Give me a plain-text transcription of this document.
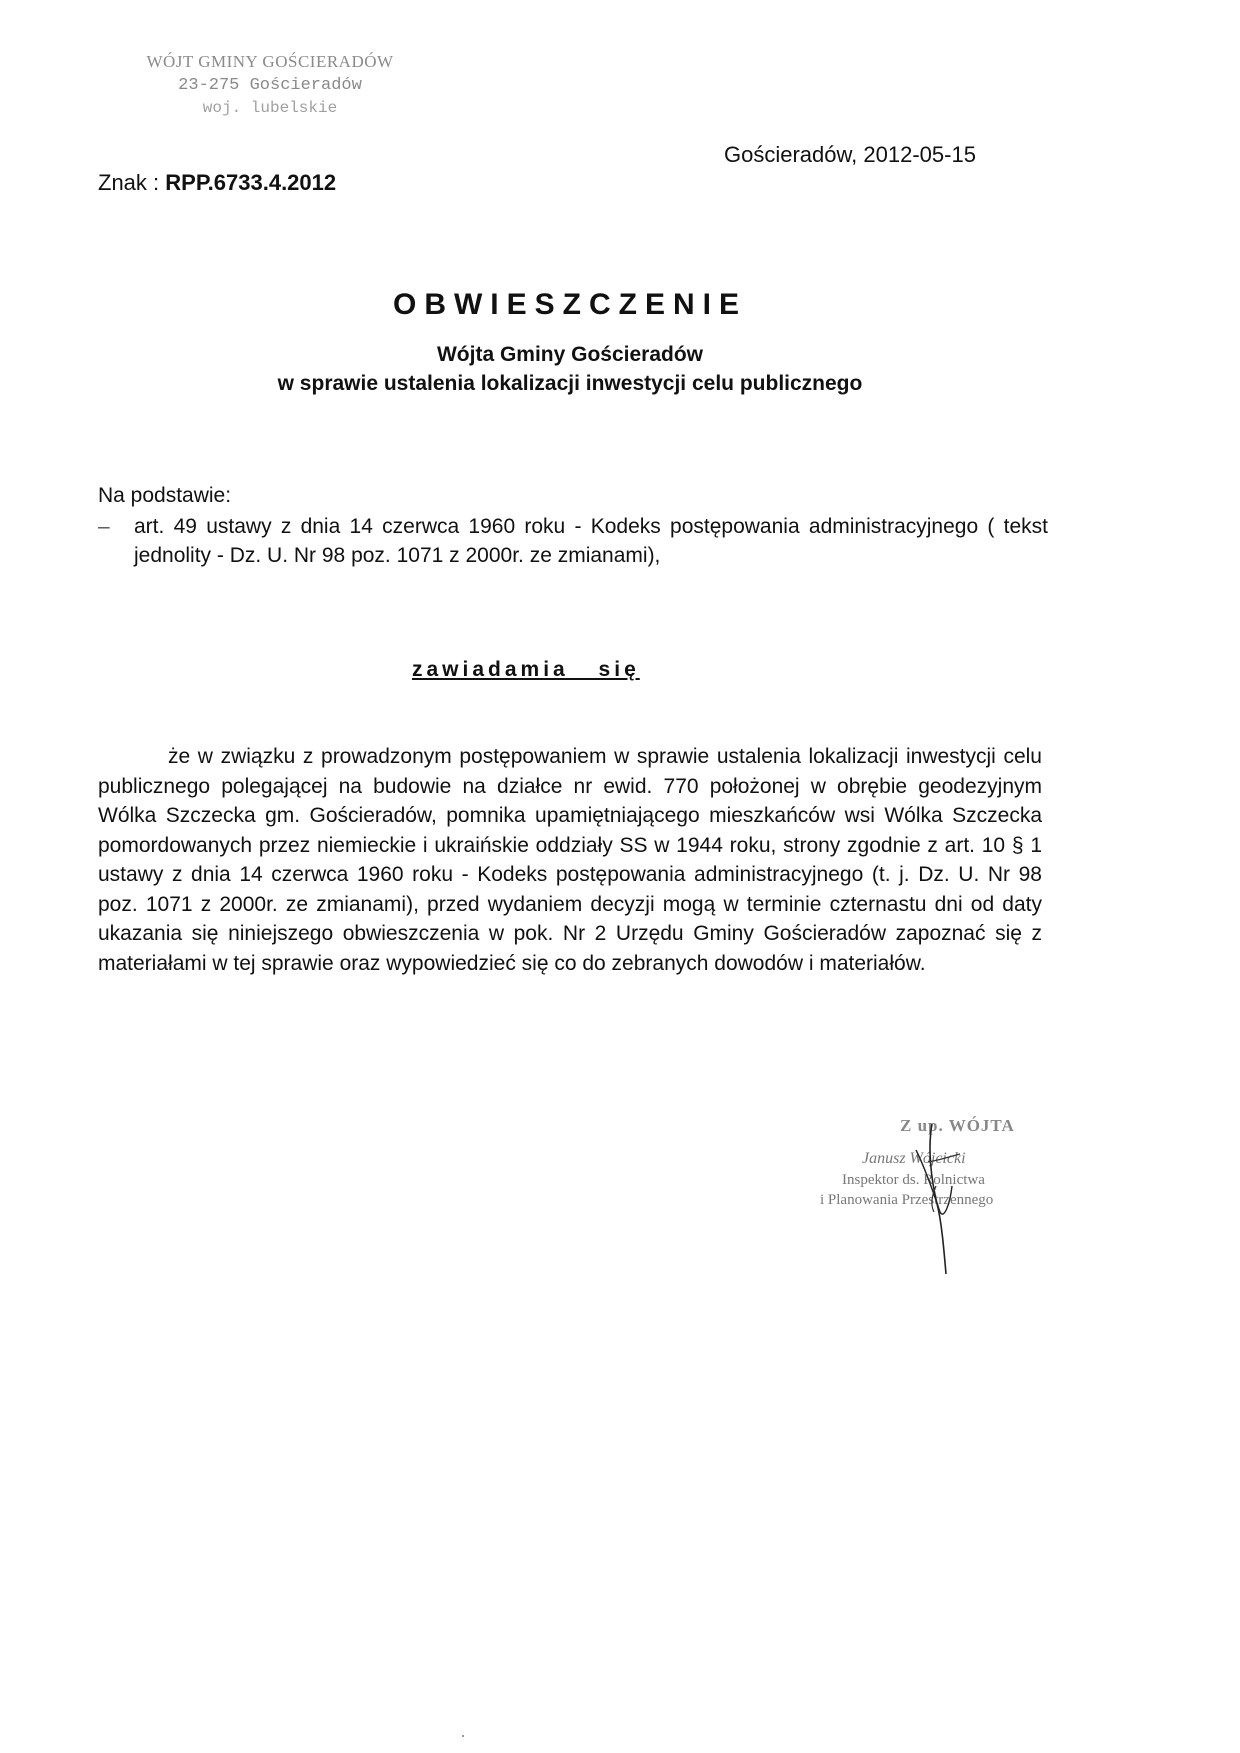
WÓJT GMINY GOŚCIERADÓW
23-275 Gościeradów
woj. lubelskie
Gościeradów, 2012-05-15
Znak : RPP.6733.4.2012
OBWIESZCZENIE
Wójta Gminy Gościeradów
w sprawie ustalenia lokalizacji inwestycji celu publicznego
Na podstawie:
– art. 49 ustawy z dnia 14 czerwca 1960 roku - Kodeks postępowania administracyjnego ( tekst jednolity - Dz. U. Nr 98 poz. 1071 z 2000r. ze zmianami),
zawiadamia się
że w związku z prowadzonym postępowaniem w sprawie ustalenia lokalizacji inwestycji celu publicznego polegającej na budowie na działce nr ewid. 770 położonej w obrębie geodezyjnym Wólka Szczecka gm. Gościeradów, pomnika upamiętniającego mieszkańców wsi Wólka Szczecka pomordowanych przez niemieckie i ukraińskie oddziały SS w 1944 roku, strony zgodnie z art. 10 § 1 ustawy z dnia 14 czerwca 1960 roku - Kodeks postępowania administracyjnego (t. j. Dz. U. Nr 98 poz. 1071 z 2000r. ze zmianami), przed wydaniem decyzji mogą w terminie czternastu dni od daty ukazania się niniejszego obwieszczenia w pok. Nr 2 Urzędu Gminy Gościeradów zapoznać się z materiałami w tej sprawie oraz wypowiedzieć się co do zebranych dowodów i materiałów.
Z up. WÓJTA
Janusz Wójcicki
Inspektor ds. Rolnictwa
i Planowania Przestrzennego
